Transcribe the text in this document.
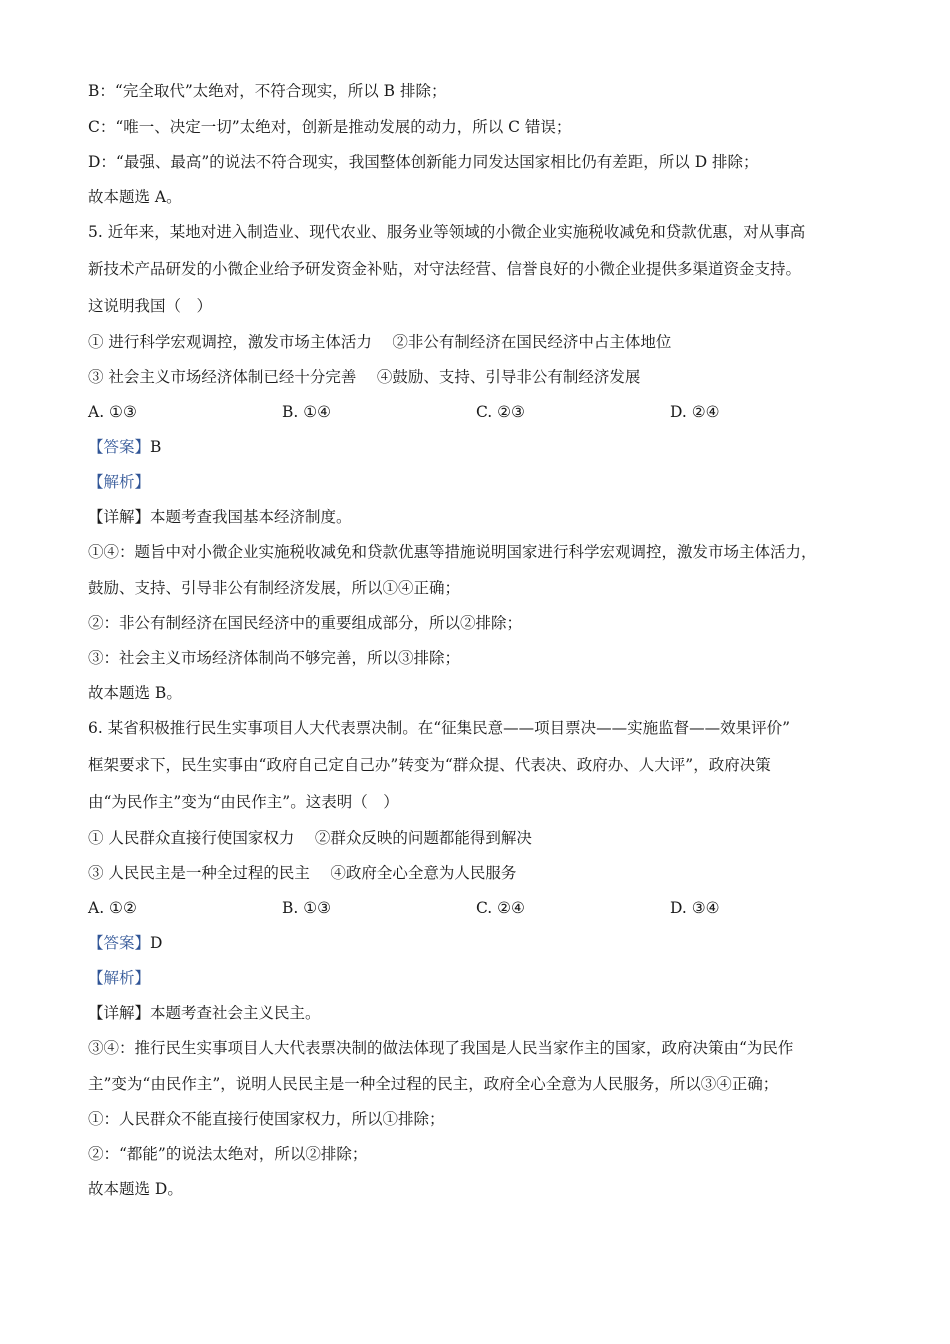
B：“完全取代”太绝对，不符合现实，所以 B 排除；
C：“唯一、决定一切”太绝对，创新是推动发展的动力，所以 C 错误；
D：“最强、最高”的说法不符合现实，我国整体创新能力同发达国家相比仍有差距，所以 D 排除；
故本题选 A。
5. 近年来，某地对进入制造业、现代农业、服务业等领域的小微企业实施税收减免和贷款优惠，对从事高
新技术产品研发的小微企业给予研发资金补贴，对守法经营、信誉良好的小微企业提供多渠道资金支持。
这说明我国（　）
① 进行科学宏观调控，激发市场主体活力　 ②非公有制经济在国民经济中占主体地位
③ 社会主义市场经济体制已经十分完善　 ④鼓励、支持、引导非公有制经济发展
A. ①③	B. ①④	C. ②③	D. ②④
【答案】B
【解析】
【详解】本题考查我国基本经济制度。
①④：题旨中对小微企业实施税收减免和贷款优惠等措施说明国家进行科学宏观调控，激发市场主体活力，
鼓励、支持、引导非公有制经济发展，所以①④正确；
②：非公有制经济在国民经济中的重要组成部分，所以②排除；
③：社会主义市场经济体制尚不够完善，所以③排除；
故本题选 B。
6. 某省积极推行民生实事项目人大代表票决制。在“征集民意——项目票决——实施监督——效果评价”
框架要求下，民生实事由“政府自己定自己办”转变为“群众提、代表决、政府办、人大评”，政府决策
由“为民作主”变为“由民作主”。这表明（　）
① 人民群众直接行使国家权力　 ②群众反映的问题都能得到解决
③ 人民民主是一种全过程的民主　 ④政府全心全意为人民服务
A. ①②	B. ①③	C. ②④	D. ③④
【答案】D
【解析】
【详解】本题考查社会主义民主。
③④：推行民生实事项目人大代表票决制的做法体现了我国是人民当家作主的国家，政府决策由“为民作
主”变为“由民作主”，说明人民民主是一种全过程的民主，政府全心全意为人民服务，所以③④正确；
①：人民群众不能直接行使国家权力，所以①排除；
②：“都能”的说法太绝对，所以②排除；
故本题选 D。
